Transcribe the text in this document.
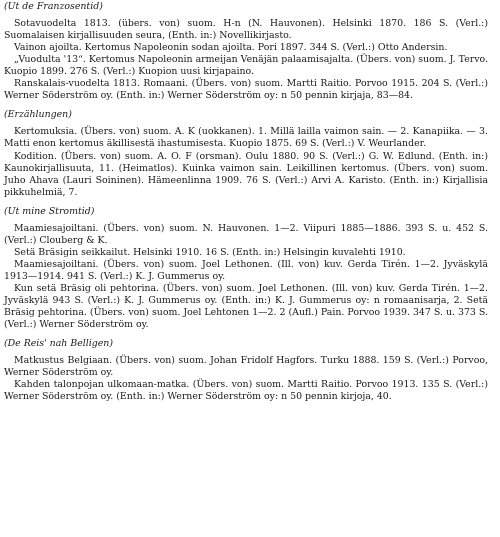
(Ut de Franzosentid)

Sotavuodelta 1813. (übers. von) suom. H-n (N. Hauvonen). Helsinki 1870. 186 S. (Verl.:) Suomalaisen kirjallisuuden seura, (Enth. in:) Novellikirjasto.

Vainon ajoilta. Kertomus Napoleonin sodan ajoilta. Pori 1897. 344 S. (Verl.:) Otto Andersin.

„Vuodulta '13“. Kertomus Napoleonin armeijan Venäjän palaamisajalta. (Übers. von) suom. J. Tervo. Kuopio 1899. 276 S. (Verl.:) Kuopion uusi kirjapaino.

Ranskalais-vuodelta 1813. Romaani. (Übers. von) suom. Martti Raitio. Porvoo 1915. 204 S. (Verl.:) Werner Söderström oy. (Enth. in:) Werner Söderström oy: n 50 pennin kirjaja, 83—84.

(Erzählungen)

Kertomuksia. (Übers. von) suom. A. K (uokkanen). 1. Millä lailla vaimon sain. — 2. Kanapiika. — 3. Matti enon kertomus äkillisestä ihastumisesta. Kuopio 1875. 69 S. (Verl.:) V. Weurlander.

Kodition. (Übers. von) suom. A. O. F (orsman). Oulu 1880. 90 S. (Verl.:) G. W. Edlund. (Enth. in:) Kaunokirjallisuuta, 11. (Heimatlos). Kuinka vaimon sain. Leikillinen kertomus. (Übers. von) suom. Juho Ahava (Lauri Soininen). Hämeenlinna 1909. 76 S. (Verl.:) Arvi A. Karisto. (Enth. in:) Kirjallisia pikkuhelmiä, 7.

(Ut mine Stromtid)

Maamiesajoiltani. (Übers. von) suom. N. Hauvonen. 1—2. Viipuri 1885—1886. 393 S. u. 452 S. (Verl.:) Clouberg & K.

Setä Bräsigin seikkailut. Helsinki 1910. 16 S. (Enth. in:) Helsingin kuvalehti 1910.

Maamiesajoiltani. (Übers. von) suom. Joel Lethonen. (Ill. von) kuv. Gerda Tirén. 1—2. Jyväskylä 1913—1914. 941 S. (Verl.:) K. J. Gummerus oy.

Kun setä Bräsig oli pehtorina. (Übers. von) suom. Joel Lethonen. (Ill. von) kuv. Gerda Tirén. 1—2. Jyväskylä 943 S. (Verl.:) K. J. Gummerus oy. (Enth. in:) K. J. Gummerus oy: n romaanisarja, 2. Setä Bräsig pehtorina. (Übers. von) suom. Joel Lehtonen 1—2. 2 (Aufl.) Pain. Porvoo 1939. 347 S. u. 373 S. (Verl.:) Werner Söderström oy.

(De Reis' nah Belligen)

Matkustus Belgiaan. (Übers. von) suom. Johan Fridolf Hagfors. Turku 1888. 159 S. (Verl.:) Porvoo, Werner Söderström oy.

Kahden talonpojan ulkomaan-matka. (Übers. von) suom. Martti Raitio. Porvoo 1913. 135 S. (Verl.:) Werner Söderström oy. (Enth. in:) Werner Söderström oy: n 50 pennin kirjoja, 40.
